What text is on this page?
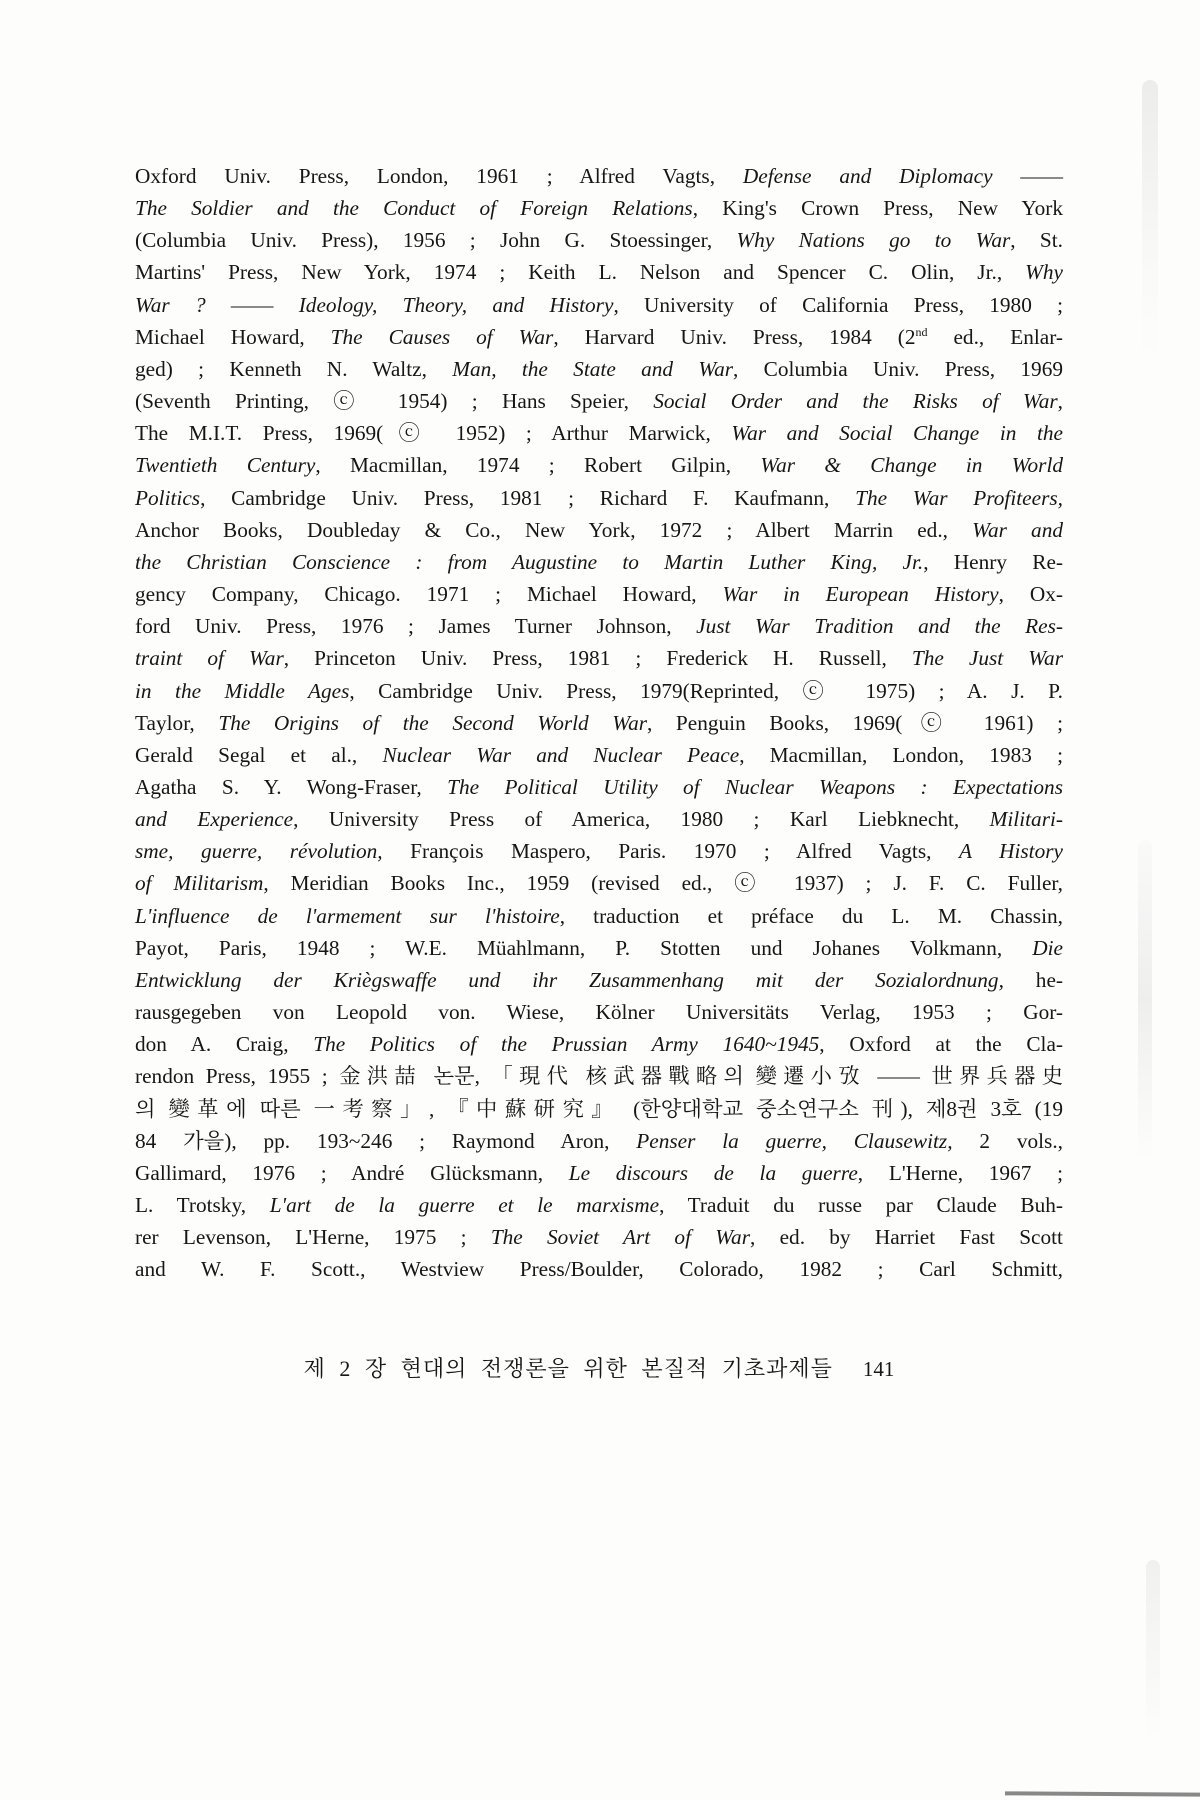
Oxford Univ. Press, London, 1961 ; Alfred Vagts, Defense and Diplomacy ——
The Soldier and the Conduct of Foreign Relations, King's Crown Press, New York
(Columbia Univ. Press), 1956 ; John G. Stoessinger, Why Nations go to War, St.
Martins' Press, New York, 1974 ; Keith L. Nelson and Spencer C. Olin, Jr., Why
War ? —— Ideology, Theory, and History, University of California Press, 1980 ;
Michael Howard, The Causes of War, Harvard Univ. Press, 1984 (2nd ed., Enlar-
ged) ; Kenneth N. Waltz, Man, the State and War, Columbia Univ. Press, 1969
(Seventh Printing, ⓒ 1954) ; Hans Speier, Social Order and the Risks of War,
The M.I.T. Press, 1969(ⓒ 1952) ; Arthur Marwick, War and Social Change in the
Twentieth Century, Macmillan, 1974 ; Robert Gilpin, War & Change in World
Politics, Cambridge Univ. Press, 1981 ; Richard F. Kaufmann, The War Profiteers,
Anchor Books, Doubleday & Co., New York, 1972 ; Albert Marrin ed., War and
the Christian Conscience : from Augustine to Martin Luther King, Jr., Henry Re-
gency Company, Chicago. 1971 ; Michael Howard, War in European History, Ox-
ford Univ. Press, 1976 ; James Turner Johnson, Just War Tradition and the Res-
traint of War, Princeton Univ. Press, 1981 ; Frederick H. Russell, The Just War
in the Middle Ages, Cambridge Univ. Press, 1979(Reprinted, ⓒ 1975) ; A. J. P.
Taylor, The Origins of the Second World War, Penguin Books, 1969(ⓒ 1961) ;
Gerald Segal et al., Nuclear War and Nuclear Peace, Macmillan, London, 1983 ;
Agatha S. Y. Wong-Fraser, The Political Utility of Nuclear Weapons : Expectations
and Experience, University Press of America, 1980 ; Karl Liebknecht, Militari-
sme, guerre, révolution, François Maspero, Paris. 1970 ; Alfred Vagts, A History
of Militarism, Meridian Books Inc., 1959 (revised ed., ⓒ 1937) ; J. F. C. Fuller,
L'influence de l'armement sur l'histoire, traduction et préface du L. M. Chassin,
Payot, Paris, 1948 ; W.E. Müahlmann, P. Stotten und Johanes Volkmann, Die
Entwicklung der Kriègswaffe und ihr Zusammenhang mit der Sozialordnung, he-
rausgegeben von Leopold von. Wiese, Kölner Universitäts Verlag, 1953 ; Gor-
don A. Craig, The Politics of the Prussian Army 1640~1945, Oxford at the Cla-
rendon Press, 1955 ; 金洪喆 논문, 「現代 核武器戰略의 變遷小攷 —— 世界兵器史
의 變革에 따른 一考察」, 『中蘇研究』 (한양대학교 중소연구소 刊), 제8권 3호 (19
84 가을), pp. 193~246 ; Raymond Aron, Penser la guerre, Clausewitz, 2 vols.,
Gallimard, 1976 ; André Glücksmann, Le discours de la guerre, L'Herne, 1967 ;
L. Trotsky, L'art de la guerre et le marxisme, Traduit du russe par Claude Buh-
rer Levenson, L'Herne, 1975 ; The Soviet Art of War, ed. by Harriet Fast Scott
and W. F. Scott., Westview Press/Boulder, Colorado, 1982 ; Carl Schmitt,
제 2 장 현대의 전쟁론을 위한 본질적 기초과제들 141
